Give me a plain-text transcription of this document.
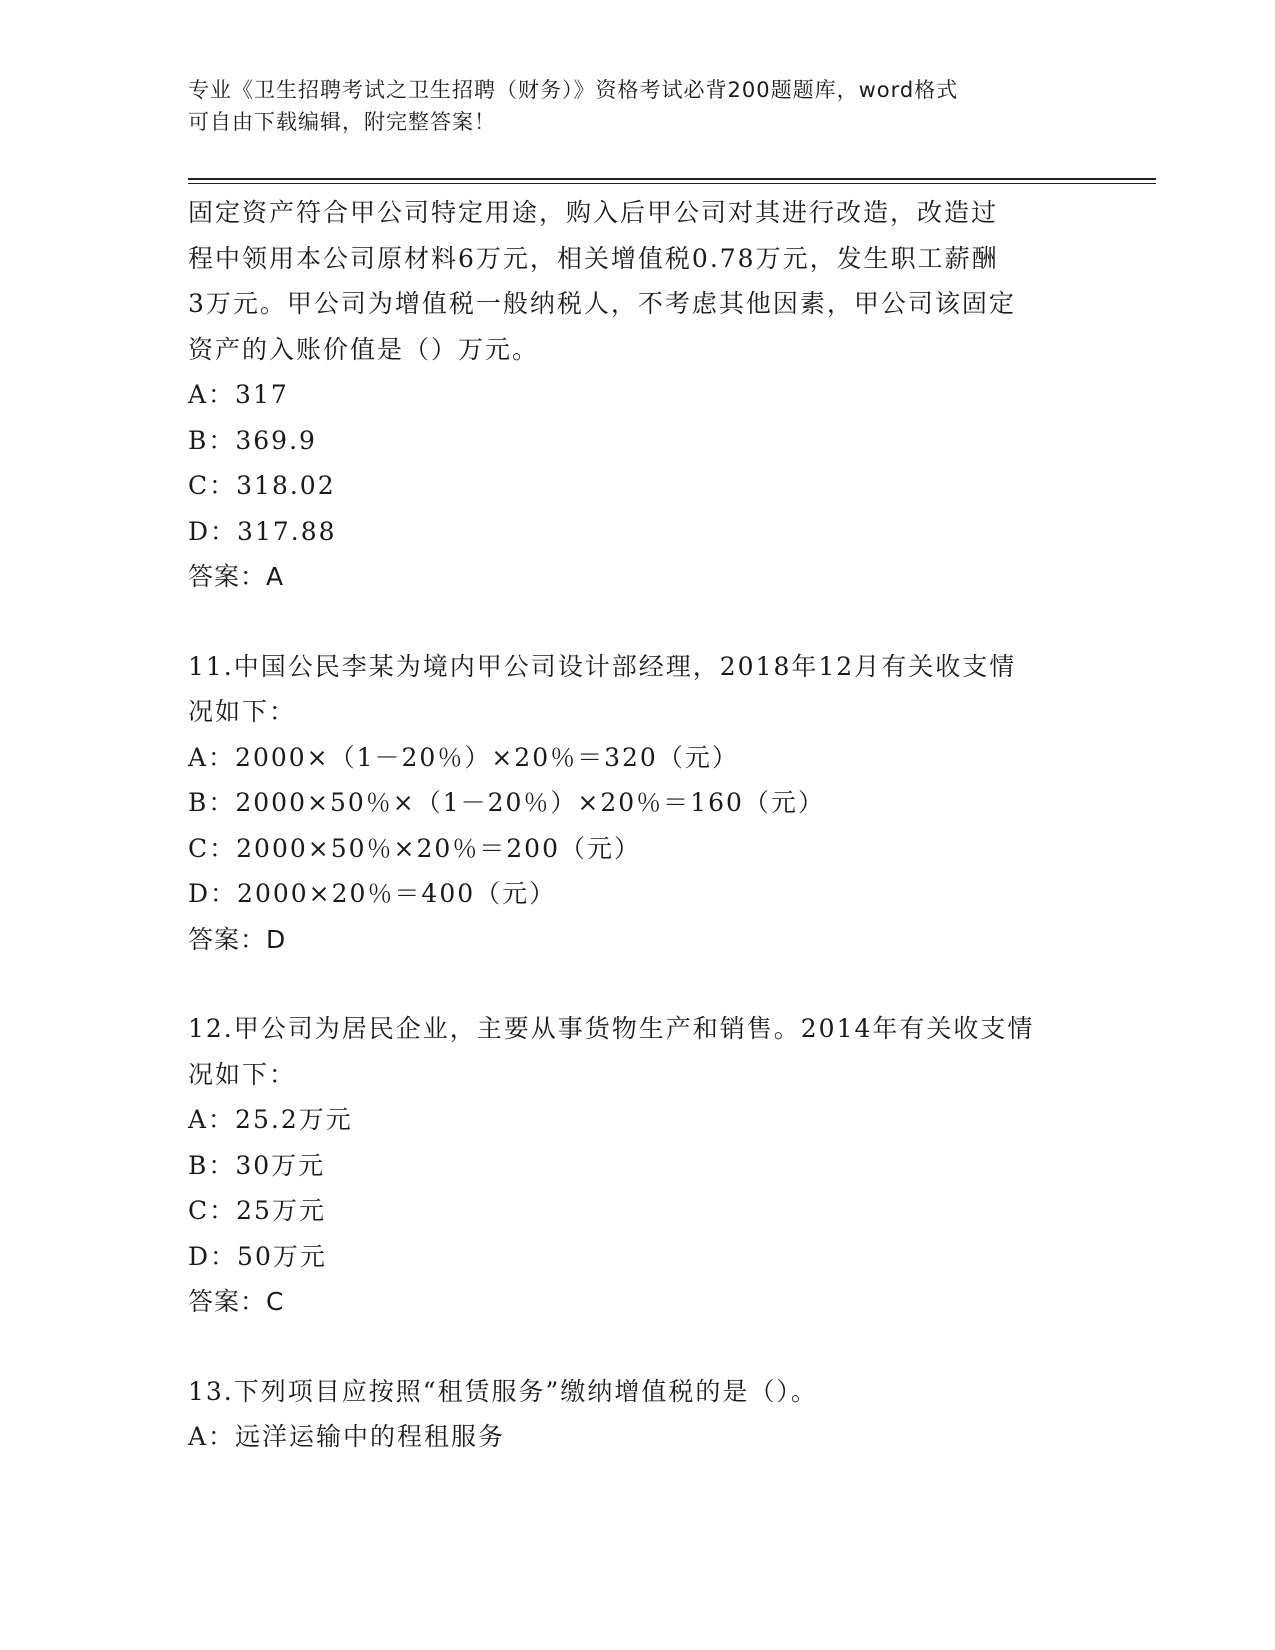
专业《卫生招聘考试之卫生招聘（财务）》资格考试必背200题题库，word格式
可自由下载编辑，附完整答案！
固定资产符合甲公司特定用途，购入后甲公司对其进行改造，改造过
程中领用本公司原材料6万元，相关增值税0.78万元，发生职工薪酬
3万元。甲公司为增值税一般纳税人，不考虑其他因素，甲公司该固定
资产的入账价值是（）万元。
A：317
B：369.9
C：318.02
D：317.88
答案：A
11.中国公民李某为境内甲公司设计部经理，2018年12月有关收支情
况如下：
A：2000×（1－20％）×20％＝320（元）
B：2000×50％×（1－20％）×20％＝160（元）
C：2000×50％×20％＝200（元）
D：2000×20％＝400（元）
答案：D
12.甲公司为居民企业，主要从事货物生产和销售。2014年有关收支情
况如下：
A：25.2万元
B：30万元
C：25万元
D：50万元
答案：C
13.下列项目应按照“租赁服务”缴纳增值税的是（）。
A：远洋运输中的程租服务
